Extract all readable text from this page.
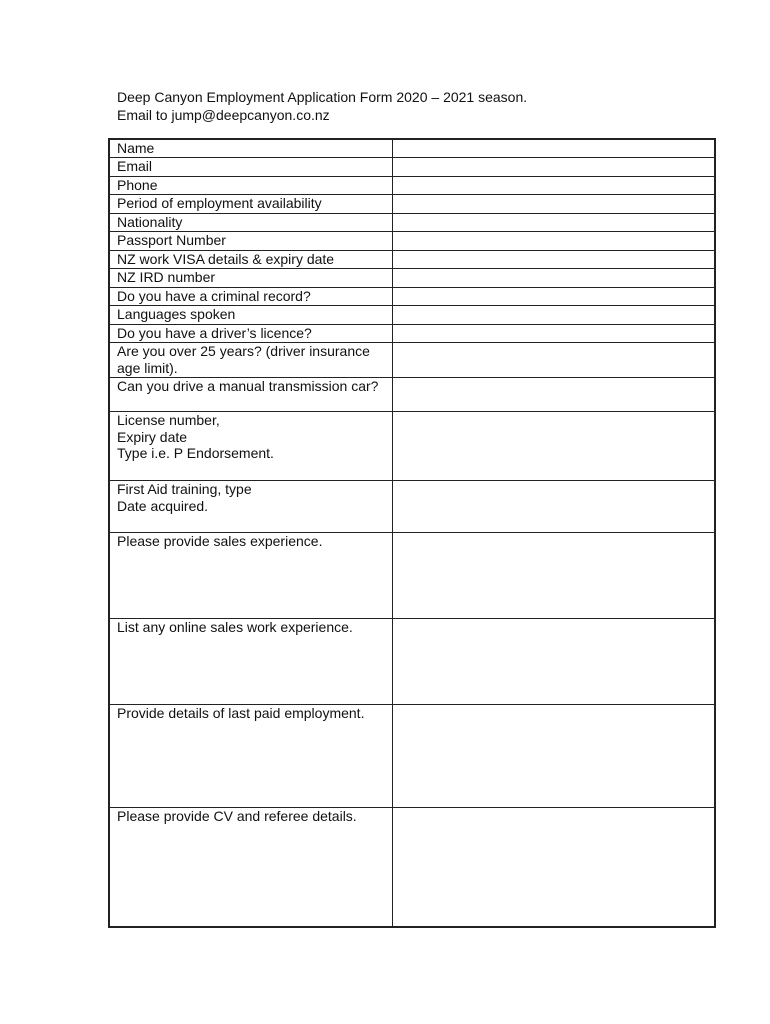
Deep Canyon Employment Application Form 2020 – 2021 season.
Email to jump@deepcanyon.co.nz
Name	
Email	
Phone	
Period of employment availability	
Nationality	
Passport Number	
NZ work VISA details & expiry date	
NZ IRD number	
Do you have a criminal record?	
Languages spoken	
Do you have a driver’s licence?	
Are you over 25 years? (driver insurance age limit).	
Can you drive a manual transmission car?	
License number,
Expiry date
Type i.e. P Endorsement.	
First Aid training, type
Date acquired.	
Please provide sales experience.	
List any online sales work experience.	
Provide details of last paid employment.	
Please provide CV and referee details.	
